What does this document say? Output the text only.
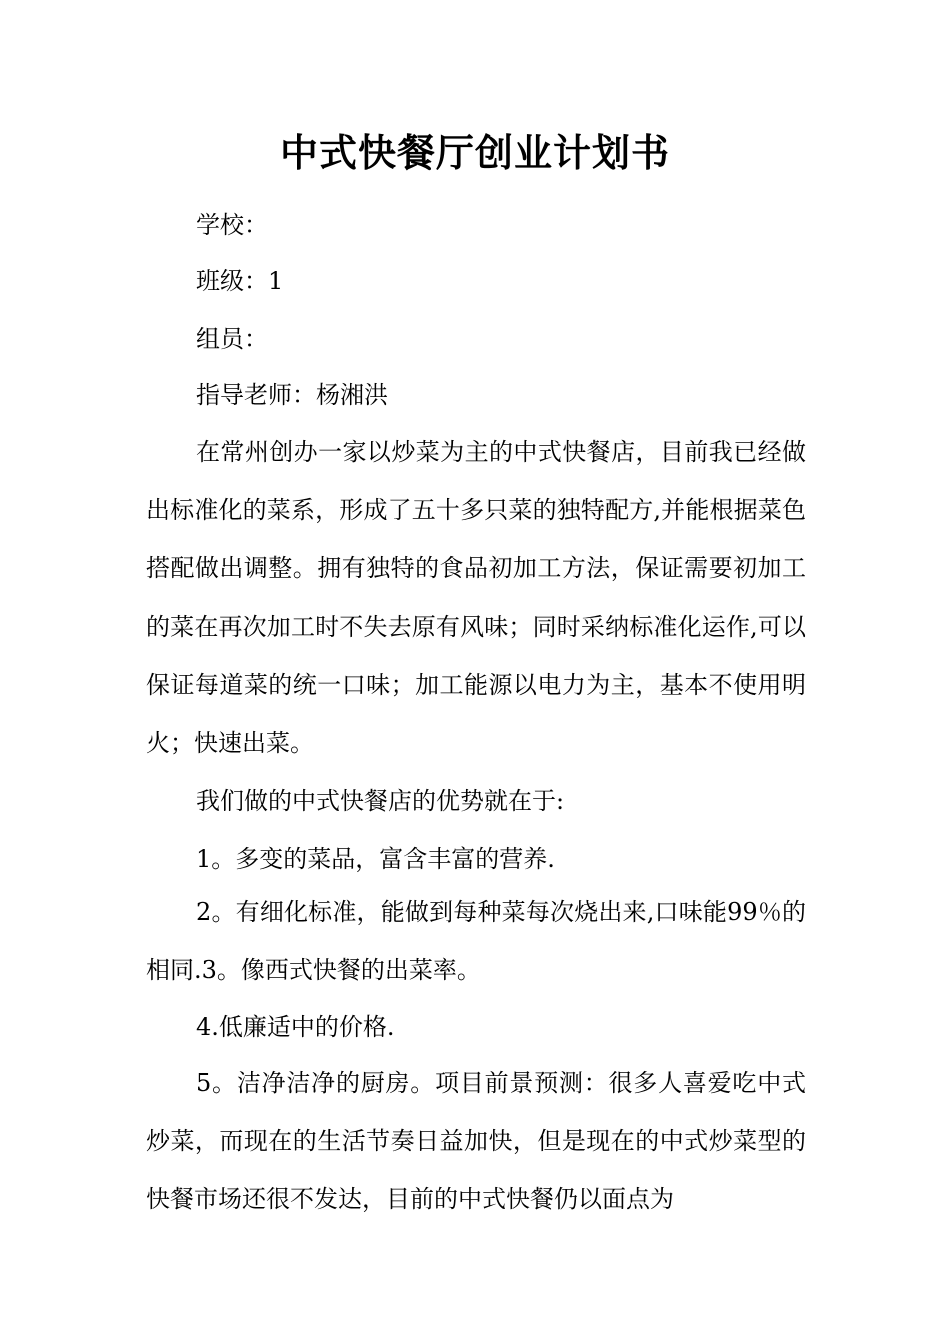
中式快餐厅创业计划书
学校：
班级：1
组员：
指导老师：杨湘洪

在常州创办一家以炒菜为主的中式快餐店，目前我已经做出标准化的菜系，形成了五十多只菜的独特配方,并能根据菜色搭配做出调整。拥有独特的食品初加工方法，保证需要初加工的菜在再次加工时不失去原有风味；同时采纳标准化运作,可以保证每道菜的统一口味；加工能源以电力为主，基本不使用明火；快速出菜。

我们做的中式快餐店的优势就在于:

1。多变的菜品，富含丰富的营养.

2。有细化标准，能做到每种菜每次烧出来,口味能99％的相同.3。像西式快餐的出菜率。

4.低廉适中的价格.

5。洁净洁净的厨房。项目前景预测：很多人喜爱吃中式炒菜，而现在的生活节奏日益加快，但是现在的中式炒菜型的快餐市场还很不发达，目前的中式快餐仍以面点为
